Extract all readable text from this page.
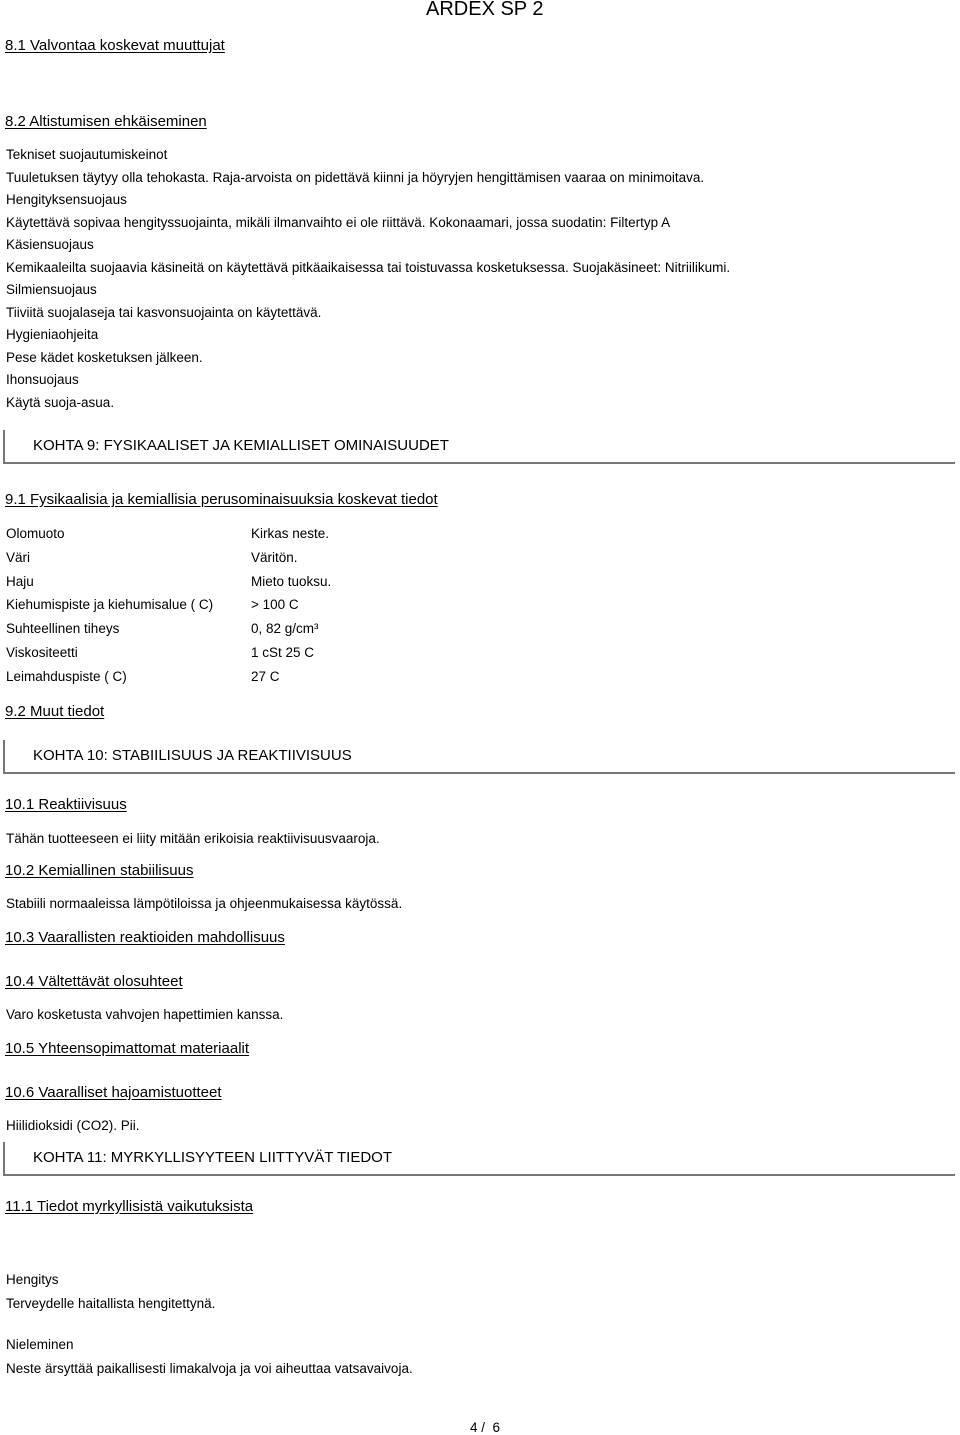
ARDEX SP 2
8.1 Valvontaa koskevat muuttujat
8.2 Altistumisen ehkäiseminen
Tekniset suojautumiskeinot
Tuuletuksen täytyy olla tehokasta. Raja-arvoista on pidettävä kiinni ja höyryjen hengittämisen vaaraa on minimoitava.
Hengityksensuojaus
Käytettävä sopivaa hengityssuojainta, mikäli ilmanvaihto ei ole riittävä. Kokonaamari, jossa suodatin: Filtertyp A
Käsiensuojaus
Kemikaaleilta suojaavia käsineitä on käytettävä pitkäaikaisessa tai toistuvassa kosketuksessa. Suojakäsineet: Nitriilikumi.
Silmiensuojaus
Tiiviitä suojalaseja tai kasvonsuojainta on käytettävä.
Hygieniaohjeita
Pese kädet kosketuksen jälkeen.
Ihonsuojaus
Käytä suoja-asua.
KOHTA 9: FYSIKAALISET JA KEMIALLISET OMINAISUUDET
9.1 Fysikaalisia ja kemiallisia perusominaisuuksia koskevat tiedot
Olomuoto	Kirkas neste.
Väri	Väritön.
Haju	Mieto tuoksu.
Kiehumispiste ja kiehumisalue ( C)	> 100 C
Suhteellinen tiheys	0, 82 g/cm³
Viskositeetti	1 cSt 25 C
Leimahduspiste ( C)	27 C
9.2 Muut tiedot
KOHTA 10: STABIILISUUS JA REAKTIIVISUUS
10.1 Reaktiivisuus
Tähän tuotteeseen ei liity mitään erikoisia reaktiivisuusvaaroja.
10.2 Kemiallinen stabiilisuus
Stabiili normaaleissa lämpötiloissa ja ohjeenmukaisessa käytössä.
10.3 Vaarallisten reaktioiden mahdollisuus
10.4 Vältettävät olosuhteet
Varo kosketusta vahvojen hapettimien kanssa.
10.5 Yhteensopimattomat materiaalit
10.6 Vaaralliset hajoamistuotteet
Hiilidioksidi (CO2). Pii.
KOHTA 11: MYRKYLLISYYTEEN LIITTYVÄT TIEDOT
11.1 Tiedot myrkyllisistä vaikutuksista
Hengitys
Terveydelle haitallista hengitettynä.
Nieleminen
Neste ärsyttää paikallisesti limakalvoja ja voi aiheuttaa vatsavaivoja.
4 /  6
